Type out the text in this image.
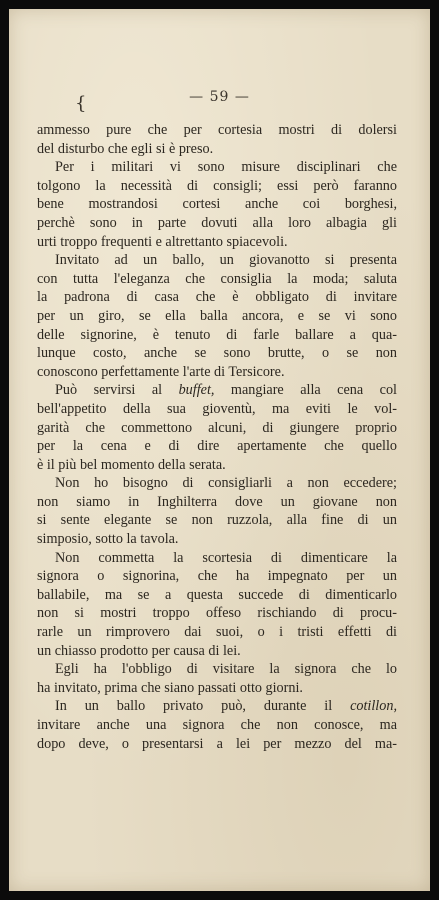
— 59 —
{
ammesso pure che per cortesia mostri di dolersi
del disturbo che egli si è preso.
Per i militari vi sono misure disciplinari che
tolgono la necessità di consigli; essi però faranno
bene mostrandosi cortesi anche coi borghesi,
perchè sono in parte dovuti alla loro albagia gli
urti troppo frequenti e altrettanto spiacevoli.
Invitato ad un ballo, un giovanotto si presenta
con tutta l'eleganza che consiglia la moda; saluta
la padrona di casa che è obbligato di invitare
per un giro, se ella balla ancora, e se vi sono
delle signorine, è tenuto di farle ballare a qua-
lunque costo, anche se sono brutte, o se non
conoscono perfettamente l'arte di Tersicore.
Può servirsi al buffet, mangiare alla cena col
bell'appetito della sua gioventù, ma eviti le vol-
garità che commettono alcuni, di giungere proprio
per la cena e di dire apertamente che quello
è il più bel momento della serata.
Non ho bisogno di consigliarli a non eccedere;
non siamo in Inghilterra dove un giovane non
si sente elegante se non ruzzola, alla fine di un
simposio, sotto la tavola.
Non commetta la scortesia di dimenticare la
signora o signorina, che ha impegnato per un
ballabile, ma se a questa succede di dimenticarlo
non si mostri troppo offeso rischiando di procu-
rarle un rimprovero dai suoi, o i tristi effetti di
un chiasso prodotto per causa di lei.
Egli ha l'obbligo di visitare la signora che lo
ha invitato, prima che siano passati otto giorni.
In un ballo privato può, durante il cotillon,
invitare anche una signora che non conosce, ma
dopo deve, o presentarsi a lei per mezzo del ma-
